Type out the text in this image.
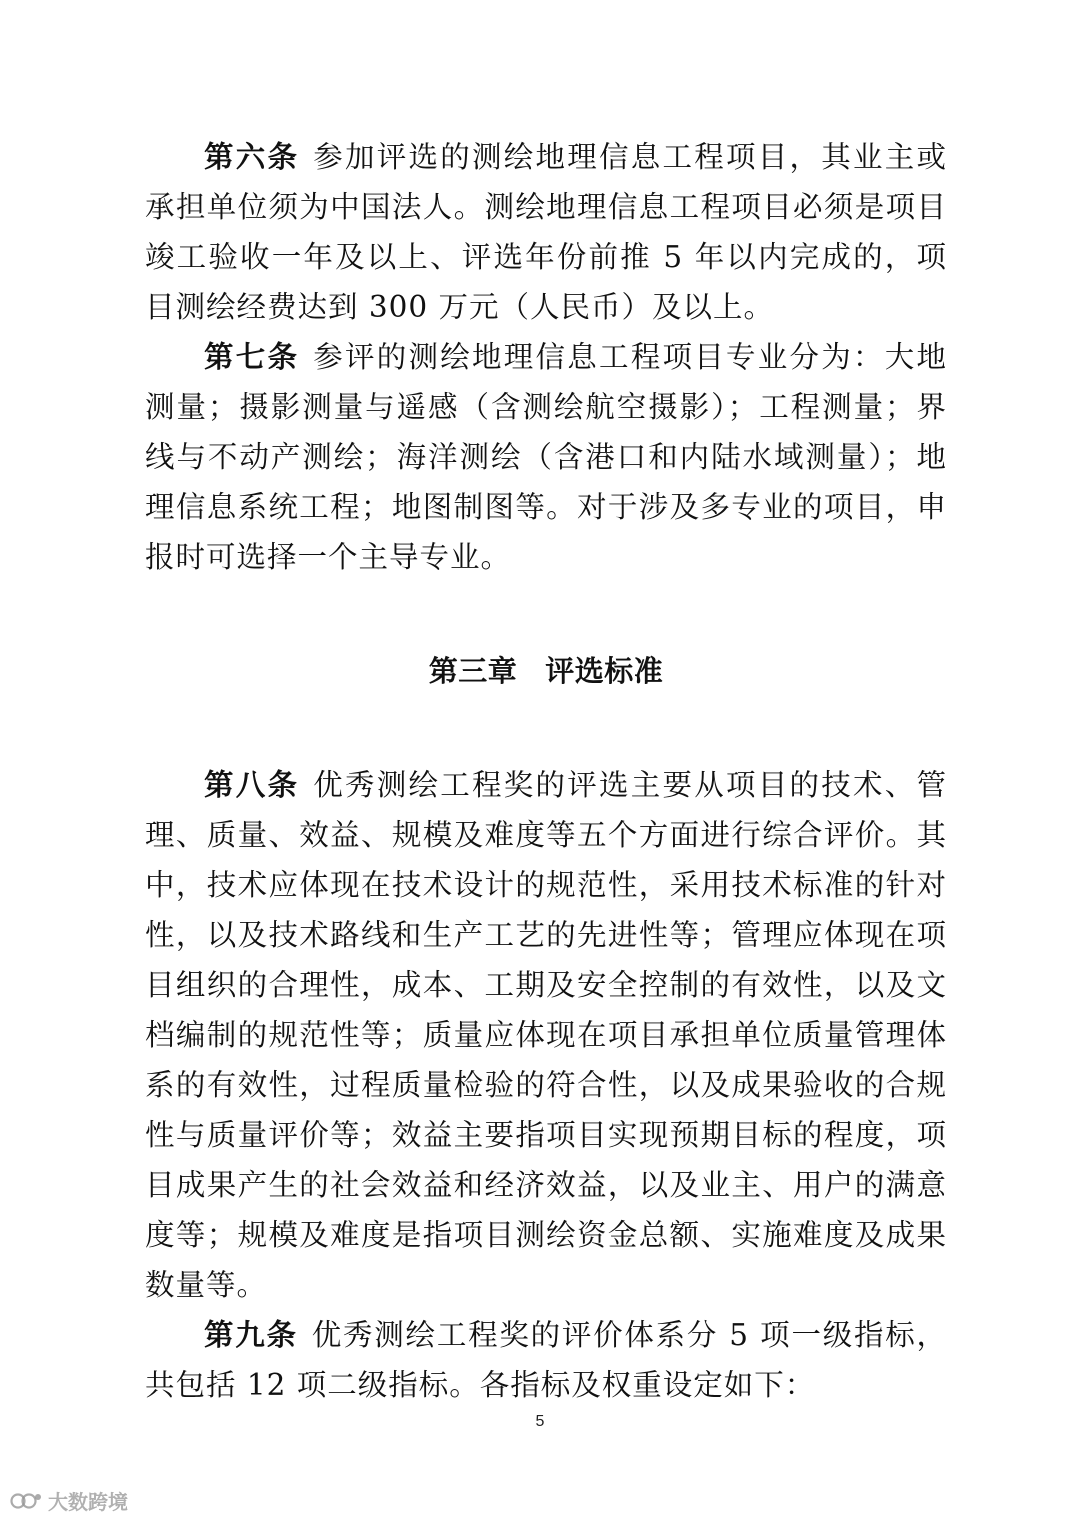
第六条 参加评选的测绘地理信息工程项目，其业主或承担单位须为中国法人。测绘地理信息工程项目必须是项目竣工验收一年及以上、评选年份前推 5 年以内完成的，项目测绘经费达到 300 万元（人民币）及以上。

第七条 参评的测绘地理信息工程项目专业分为：大地测量；摄影测量与遥感（含测绘航空摄影）；工程测量；界线与不动产测绘；海洋测绘（含港口和内陆水域测量）；地理信息系统工程；地图制图等。对于涉及多专业的项目，申报时可选择一个主导专业。

第三章 评选标准

第八条 优秀测绘工程奖的评选主要从项目的技术、管理、质量、效益、规模及难度等五个方面进行综合评价。其中，技术应体现在技术设计的规范性，采用技术标准的针对性，以及技术路线和生产工艺的先进性等；管理应体现在项目组织的合理性，成本、工期及安全控制的有效性，以及文档编制的规范性等；质量应体现在项目承担单位质量管理体系的有效性，过程质量检验的符合性，以及成果验收的合规性与质量评价等；效益主要指项目实现预期目标的程度，项目成果产生的社会效益和经济效益，以及业主、用户的满意度等；规模及难度是指项目测绘资金总额、实施难度及成果数量等。

第九条 优秀测绘工程奖的评价体系分 5 项一级指标，共包括 12 项二级指标。各指标及权重设定如下：

5
大数跨境
